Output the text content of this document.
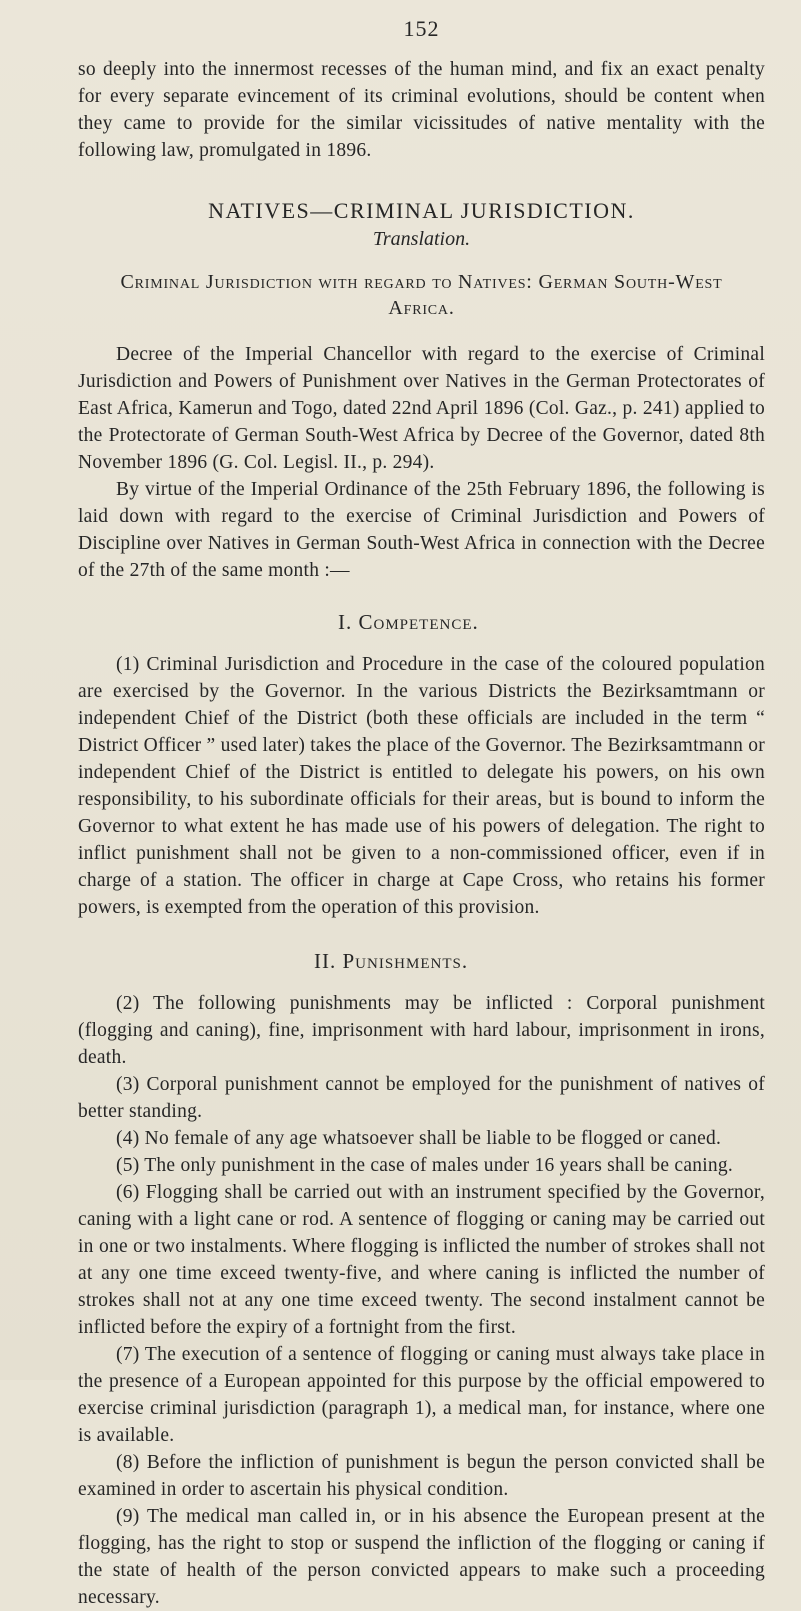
152

so deeply into the innermost recesses of the human mind, and fix an exact penalty for every separate evincement of its criminal evolutions, should be content when they came to provide for the similar vicissitudes of native mentality with the following law, promulgated in 1896.

NATIVES—CRIMINAL JURISDICTION.
Translation.
Criminal Jurisdiction with regard to Natives: German South-West Africa.

Decree of the Imperial Chancellor with regard to the exercise of Criminal Jurisdiction and Powers of Punishment over Natives in the German Protectorates of East Africa, Kamerun and Togo, dated 22nd April 1896 (Col. Gaz., p. 241) applied to the Protectorate of German South-West Africa by Decree of the Governor, dated 8th November 1896 (G. Col. Legisl. II., p. 294).

By virtue of the Imperial Ordinance of the 25th February 1896, the following is laid down with regard to the exercise of Criminal Jurisdiction and Powers of Discipline over Natives in German South-West Africa in connection with the Decree of the 27th of the same month :—

I. Competence.

(1) Criminal Jurisdiction and Procedure in the case of the coloured population are exercised by the Governor. In the various Districts the Bezirksamtmann or independent Chief of the District (both these officials are included in the term “ District Officer ” used later) takes the place of the Governor. The Bezirksamtmann or independent Chief of the District is entitled to delegate his powers, on his own responsibility, to his subordinate officials for their areas, but is bound to inform the Governor to what extent he has made use of his powers of delegation. The right to inflict punishment shall not be given to a non-commissioned officer, even if in charge of a station. The officer in charge at Cape Cross, who retains his former powers, is exempted from the operation of this provision.

II. Punishments.

(2) The following punishments may be inflicted : Corporal punishment (flogging and caning), fine, imprisonment with hard labour, imprisonment in irons, death.

(3) Corporal punishment cannot be employed for the punishment of natives of better standing.

(4) No female of any age whatsoever shall be liable to be flogged or caned.

(5) The only punishment in the case of males under 16 years shall be caning.

(6) Flogging shall be carried out with an instrument specified by the Governor, caning with a light cane or rod. A sentence of flogging or caning may be carried out in one or two instalments. Where flogging is inflicted the number of strokes shall not at any one time exceed twenty-five, and where caning is inflicted the number of strokes shall not at any one time exceed twenty. The second instalment cannot be inflicted before the expiry of a fortnight from the first.

(7) The execution of a sentence of flogging or caning must always take place in the presence of a European appointed for this purpose by the official empowered to exercise criminal jurisdiction (paragraph 1), a medical man, for instance, where one is available.

(8) Before the infliction of punishment is begun the person convicted shall be examined in order to ascertain his physical condition.

(9) The medical man called in, or in his absence the European present at the flogging, has the right to stop or suspend the infliction of the flogging or caning if the state of health of the person convicted appears to make such a proceeding necessary.
